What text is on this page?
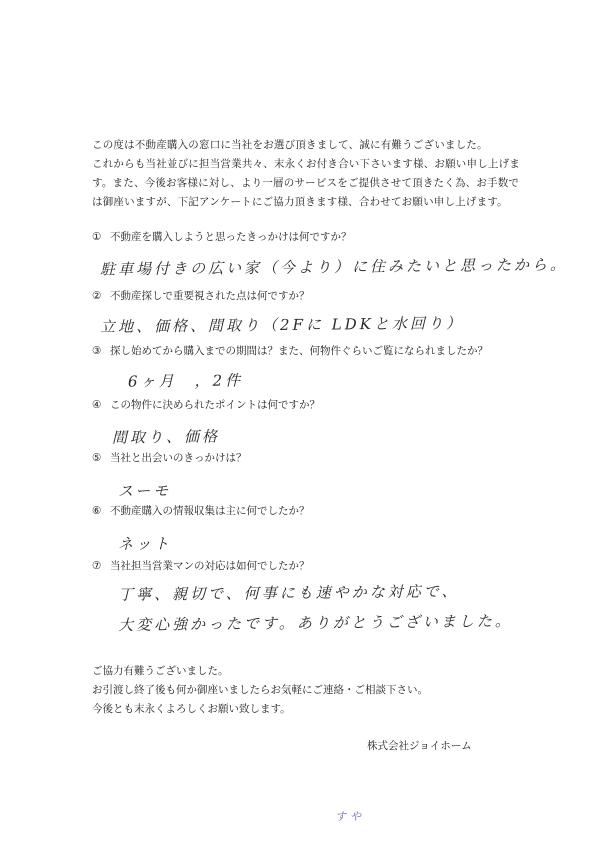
この度は不動産購入の窓口に当社をお選び頂きまして、誠に有難うございました。

これからも当社並びに担当営業共々、末永くお付き合い下さいます様、お願い申し上げま

す。また、今後お客様に対し、より一層のサービスをご提供させて頂きたく為、お手数で

は御座いますが、下記アンケートにご協力頂きます様、合わせてお願い申し上げます。

① 不動産を購入しようと思ったきっかけは何ですか？
駐車場付きの広い家（今より）に住みたいと思ったから。
② 不動産探しで重要視された点は何ですか？
立地、価格、間取り（2Fに LDKと水回り）
③ 探し始めてから購入までの期間は？また、何物件ぐらいご覧になられましたか？
6ヶ月　，2件
④ この物件に決められたポイントは何ですか？
間取り、価格
⑤ 当社と出会いのきっかけは？
スーモ
⑥ 不動産購入の情報収集は主に何でしたか？
ネット
⑦ 当社担当営業マンの対応は如何でしたか？
丁寧、親切で、何事にも速やかな対応で、
大変心強かったです。ありがとうございました。

ご協力有難うございました。

お引渡し終了後も何か御座いましたらお気軽にご連絡・ご相談下さい。

今後とも末永くよろしくお願い致します。

株式会社ジョイホーム
すや
